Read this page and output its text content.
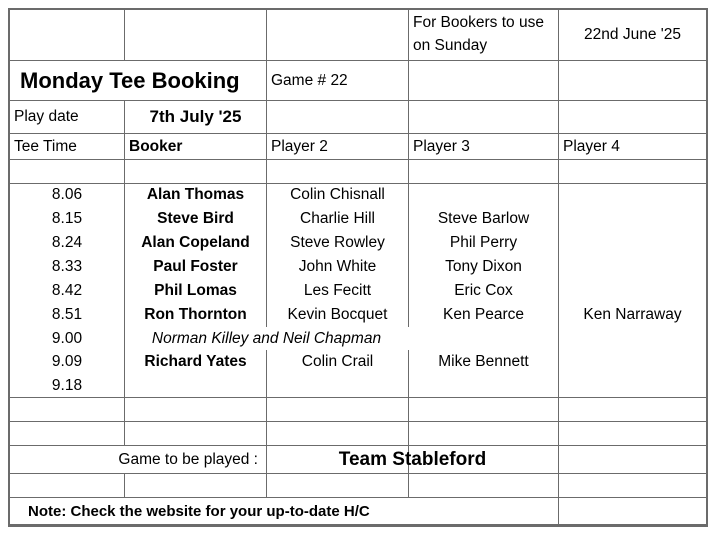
For Bookers to use on Sunday
22nd June '25
Monday Tee Booking	Game # 22
Play date	7th July '25
Tee Time	Booker	Player 2	Player 3	Player 4
8.06	Alan Thomas	Colin Chisnall
8.15	Steve Bird	Charlie Hill	Steve Barlow
8.24	Alan Copeland	Steve Rowley	Phil Perry
8.33	Paul Foster	John White	Tony Dixon
8.42	Phil Lomas	Les Fecitt	Eric Cox
8.51	Ron Thornton	Kevin Bocquet	Ken Pearce	Ken Narraway
9.00	Norman Killey and Neil Chapman
9.09	Richard Yates	Colin Crail	Mike Bennett
9.18
Game to be played :	Team Stableford
Note: Check the website for your up-to-date H/C
